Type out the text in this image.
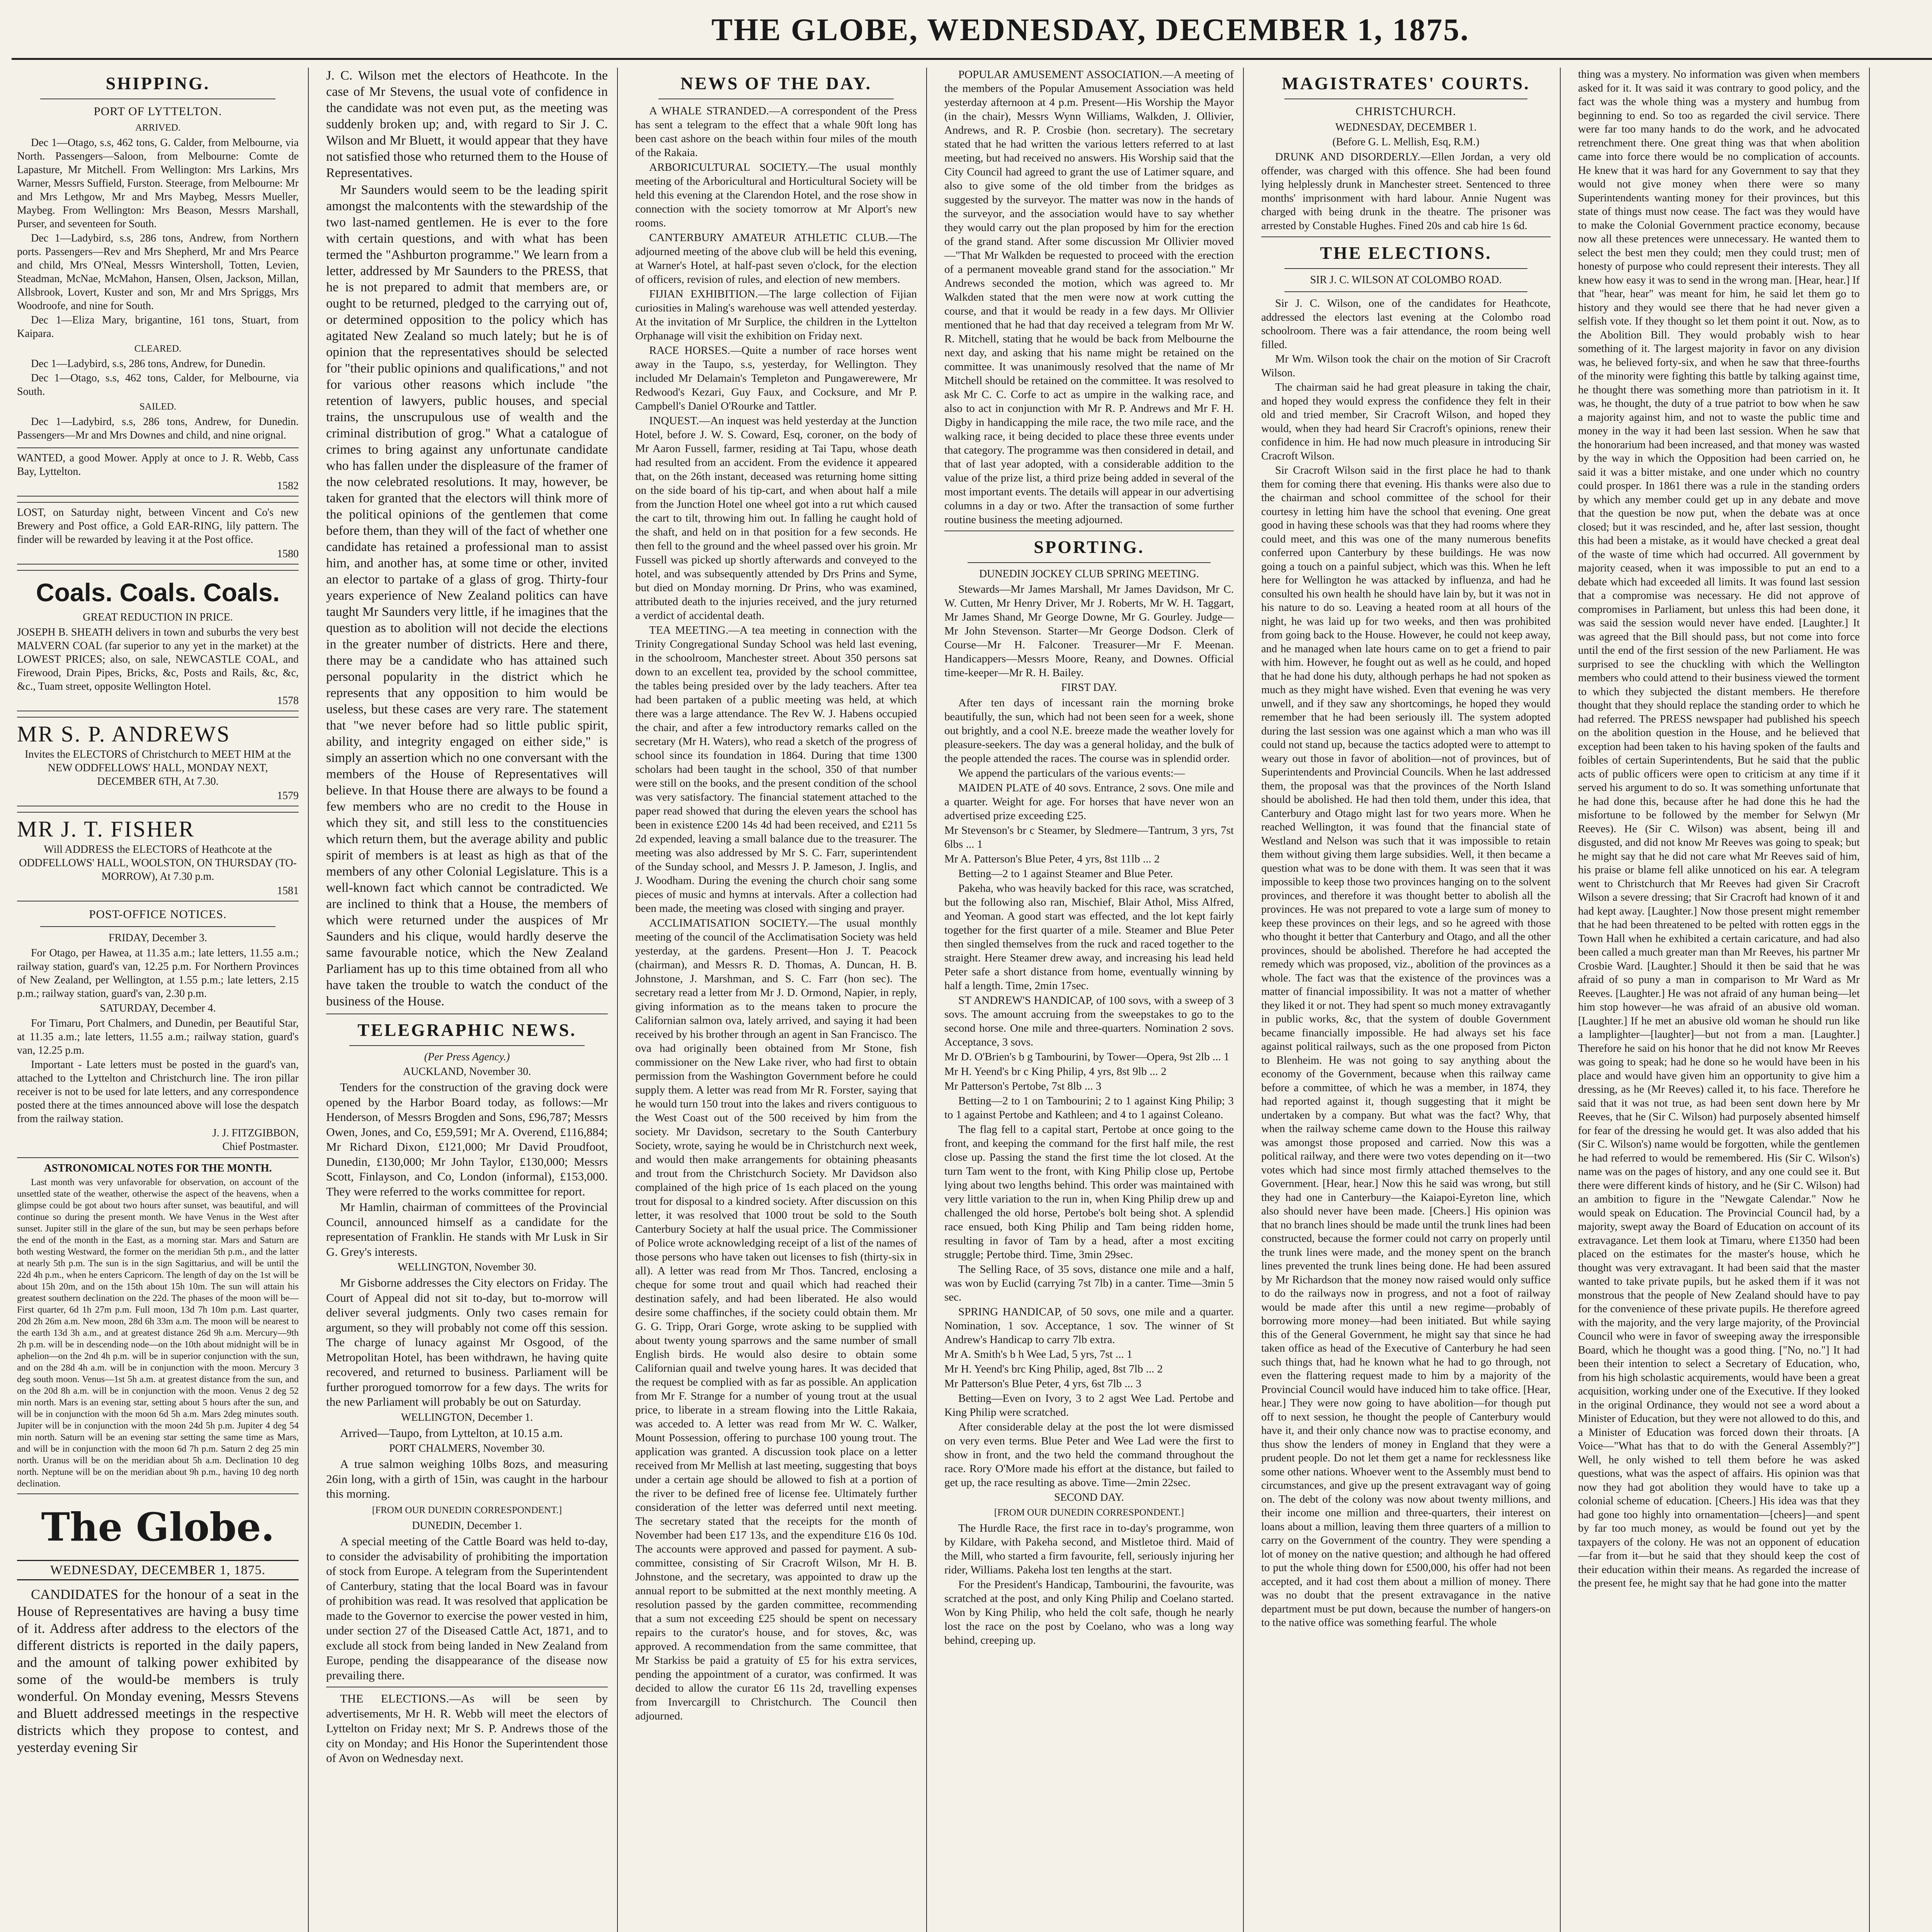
THE GLOBE, WEDNESDAY, DECEMBER 1, 1875.
SHIPPING.
PORT OF LYTTELTON.
ARRIVED.

Dec 1—Otago, s.s, 462 tons, G. Calder, from Melbourne, via North. Passengers—Saloon, from Melbourne: Comte de Lapasture, Mr Mitchell. From Wellington: Mrs Larkins, Mrs Warner, Messrs Suffield, Furston. Steerage, from Melbourne: Mr and Mrs Lethgow, Mr and Mrs Maybeg, Messrs Mueller, Maybeg. From Wellington: Mrs Beason, Messrs Marshall, Purser, and seventeen for South.

Dec 1—Ladybird, s.s, 286 tons, Andrew, from Northern ports. Passengers—Rev and Mrs Shepherd, Mr and Mrs Pearce and child, Mrs O'Neal, Messrs Wintersholl, Totten, Levien, Steadman, McNae, McMahon, Hansen, Olsen, Jackson, Millan, Allsbrook, Lovert, Kuster and son, Mr and Mrs Spriggs, Mrs Woodroofe, and nine for South.

Dec 1—Eliza Mary, brigantine, 161 tons, Stuart, from Kaipara.

CLEARED.

Dec 1—Ladybird, s.s, 286 tons, Andrew, for Dunedin.

Dec 1—Otago, s.s, 462 tons, Calder, for Melbourne, via South.

SAILED.

Dec 1—Ladybird, s.s, 286 tons, Andrew, for Dunedin. Passengers—Mr and Mrs Downes and child, and nine orignal.

WANTED, a good Mower. Apply at once to J. R. Webb, Cass Bay, Lyttelton.

1582

LOST, on Saturday night, between Vincent and Co's new Brewery and Post office, a Gold EAR-RING, lily pattern. The finder will be rewarded by leaving it at the Post office.

1580
Coals. Coals. Coals.
GREAT REDUCTION IN PRICE.

JOSEPH B. SHEATH delivers in town and suburbs the very best MALVERN COAL (far superior to any yet in the market) at the LOWEST PRICES; also, on sale, NEWCASTLE COAL, and Firewood, Drain Pipes, Bricks, &c, Posts and Rails, &c, &c, &c., Tuam street, opposite Wellington Hotel.

1578
MR S. P. ANDREWS

Invites the ELECTORS of Christchurch to MEET HIM at the NEW ODDFELLOWS' HALL, MONDAY NEXT, DECEMBER 6TH, At 7.30.

1579
MR J. T. FISHER

Will ADDRESS the ELECTORS of Heathcote at the ODDFELLOWS' HALL, WOOLSTON, ON THURSDAY (TO-MORROW), At 7.30 p.m.

1581
POST-OFFICE NOTICES.
FRIDAY, December 3.

For Otago, per Hawea, at 11.35 a.m.; late letters, 11.55 a.m.; railway station, guard's van, 12.25 p.m. For Northern Provinces of New Zealand, per Wellington, at 1.55 p.m.; late letters, 2.15 p.m.; railway station, guard's van, 2.30 p.m.

SATURDAY, December 4.

For Timaru, Port Chalmers, and Dunedin, per Beautiful Star, at 11.35 a.m.; late letters, 11.55 a.m.; railway station, guard's van, 12.25 p.m.

Important - Late letters must be posted in the guard's van, attached to the Lyttelton and Christchurch line. The iron pillar receiver is not to be used for late letters, and any correspondence posted there at the times announced above will lose the despatch from the railway station.

J. J. FITZGIBBON,
Chief Postmaster.
ASTRONOMICAL NOTES FOR THE MONTH.

Last month was very unfavorable for observation, on account of the unsettled state of the weather, otherwise the aspect of the heavens, when a glimpse could be got about two hours after sunset, was beautiful, and will continue so during the present month. We have Venus in the West after sunset. Jupiter still in the glare of the sun, but may be seen perhaps before the end of the month in the East, as a morning star. Mars and Saturn are both westing Westward, the former on the meridian 5th p.m., and the latter at nearly 5th p.m. The sun is in the sign Sagittarius, and will be until the 22d 4h p.m., when he enters Capricorn. The length of day on the 1st will be about 15h 20m, and on the 15th about 15h 10m. The sun will attain his greatest southern declination on the 22d. The phases of the moon will be—First quarter, 6d 1h 27m p.m. Full moon, 13d 7h 10m p.m. Last quarter, 20d 2h 26m a.m. New moon, 28d 6h 33m a.m. The moon will be nearest to the earth 13d 3h a.m., and at greatest distance 26d 9h a.m. Mercury—9th 2h p.m. will be in descending node—on the 10th about midnight will be in aphelion—on the 2nd 4h p.m. will be in superior conjunction with the sun, and on the 28d 4h a.m. will be in conjunction with the moon. Mercury 3 deg south moon. Venus—1st 5h a.m. at greatest distance from the sun, and on the 20d 8h a.m. will be in conjunction with the moon. Venus 2 deg 52 min north. Mars is an evening star, setting about 5 hours after the sun, and will be in conjunction with the moon 6d 5h a.m. Mars 2deg minutes south. Jupiter will be in conjunction with the moon 24d 5h p.m. Jupiter 4 deg 54 min north. Saturn will be an evening star setting the same time as Mars, and will be in conjunction with the moon 6d 7h p.m. Saturn 2 deg 25 min north. Uranus will be on the meridian about 5h a.m. Declination 10 deg north. Neptune will be on the meridian about 9h p.m., having 10 deg north declination.

The Globe.
WEDNESDAY, DECEMBER 1, 1875.

CANDIDATES for the honour of a seat in the House of Representatives are having a busy time of it. Address after address to the electors of the different districts is reported in the daily papers, and the amount of talking power exhibited by some of the would-be members is truly wonderful. On Monday evening, Messrs Stevens and Bluett addressed meetings in the respective districts which they propose to contest, and yesterday evening Sir

J. C. Wilson met the electors of Heathcote. In the case of Mr Stevens, the usual vote of confidence in the candidate was not even put, as the meeting was suddenly broken up; and, with regard to Sir J. C. Wilson and Mr Bluett, it would appear that they have not satisfied those who returned them to the House of Representatives.

Mr Saunders would seem to be the leading spirit amongst the malcontents with the stewardship of the two last-named gentlemen. He is ever to the fore with certain questions, and with what has been termed the "Ashburton programme." We learn from a letter, addressed by Mr Saunders to the PRESS, that he is not prepared to admit that members are, or ought to be returned, pledged to the carrying out of, or determined opposition to the policy which has agitated New Zealand so much lately; but he is of opinion that the representatives should be selected for "their public opinions and qualifications," and not for various other reasons which include "the retention of lawyers, public houses, and special trains, the unscrupulous use of wealth and the criminal distribution of grog." What a catalogue of crimes to bring against any unfortunate candidate who has fallen under the displeasure of the framer of the now celebrated resolutions. It may, however, be taken for granted that the electors will think more of the political opinions of the gentlemen that come before them, than they will of the fact of whether one candidate has retained a professional man to assist him, and another has, at some time or other, invited an elector to partake of a glass of grog. Thirty-four years experience of New Zealand politics can have taught Mr Saunders very little, if he imagines that the question as to abolition will not decide the elections in the greater number of districts. Here and there, there may be a candidate who has attained such personal popularity in the district which he represents that any opposition to him would be useless, but these cases are very rare. The statement that "we never before had so little public spirit, ability, and integrity engaged on either side," is simply an assertion which no one conversant with the members of the House of Representatives will believe. In that House there are always to be found a few members who are no credit to the House in which they sit, and still less to the constituencies which return them, but the average ability and public spirit of members is at least as high as that of the members of any other Colonial Legislature. This is a well-known fact which cannot be contradicted. We are inclined to think that a House, the members of which were returned under the auspices of Mr Saunders and his clique, would hardly deserve the same favourable notice, which the New Zealand Parliament has up to this time obtained from all who have taken the trouble to watch the conduct of the business of the House.

TELEGRAPHIC NEWS.
(Per Press Agency.)
AUCKLAND, November 30.

Tenders for the construction of the graving dock were opened by the Harbor Board today, as follows:—Mr Henderson, of Messrs Brogden and Sons, £96,787; Messrs Owen, Jones, and Co, £59,591; Mr A. Overend, £116,884; Mr Richard Dixon, £121,000; Mr David Proudfoot, Dunedin, £130,000; Mr John Taylor, £130,000; Messrs Scott, Finlayson, and Co, London (informal), £153,000. They were referred to the works committee for report.

Mr Hamlin, chairman of committees of the Provincial Council, announced himself as a candidate for the representation of Franklin. He stands with Mr Lusk in Sir G. Grey's interests.

WELLINGTON, November 30.

Mr Gisborne addresses the City electors on Friday. The Court of Appeal did not sit to-day, but to-morrow will deliver several judgments. Only two cases remain for argument, so they will probably not come off this session. The charge of lunacy against Mr Osgood, of the Metropolitan Hotel, has been withdrawn, he having quite recovered, and returned to business. Parliament will be further prorogued tomorrow for a few days. The writs for the new Parliament will probably be out on Saturday.

WELLINGTON, December 1.

Arrived—Taupo, from Lyttelton, at 10.15 a.m.

PORT CHALMERS, November 30.

A true salmon weighing 10lbs 8ozs, and measuring 26in long, with a girth of 15in, was caught in the harbour this morning.

[FROM OUR DUNEDIN CORRESPONDENT.]
DUNEDIN, December 1.

A special meeting of the Cattle Board was held to-day, to consider the advisability of prohibiting the importation of stock from Europe. A telegram from the Superintendent of Canterbury, stating that the local Board was in favour of prohibition was read. It was resolved that application be made to the Governor to exercise the power vested in him, under section 27 of the Diseased Cattle Act, 1871, and to exclude all stock from being landed in New Zealand from Europe, pending the disappearance of the disease now prevailing there.

THE ELECTIONS.—As will be seen by advertisements, Mr H. R. Webb will meet the electors of Lyttelton on Friday next; Mr S. P. Andrews those of the city on Monday; and His Honor the Superintendent those of Avon on Wednesday next.

NEWS OF THE DAY.

A WHALE STRANDED.—A correspondent of the Press has sent a telegram to the effect that a whale 90ft long has been cast ashore on the beach within four miles of the mouth of the Rakaia.

ARBORICULTURAL SOCIETY.—The usual monthly meeting of the Arboricultural and Horticultural Society will be held this evening at the Clarendon Hotel, and the rose show in connection with the society tomorrow at Mr Alport's new rooms.

CANTERBURY AMATEUR ATHLETIC CLUB.—The adjourned meeting of the above club will be held this evening, at Warner's Hotel, at half-past seven o'clock, for the election of officers, revision of rules, and election of new members.

FIJIAN EXHIBITION.—The large collection of Fijian curiosities in Maling's warehouse was well attended yesterday. At the invitation of Mr Surplice, the children in the Lyttelton Orphanage will visit the exhibition on Friday next.

RACE HORSES.—Quite a number of race horses went away in the Taupo, s.s, yesterday, for Wellington. They included Mr Delamain's Templeton and Pungawerewere, Mr Redwood's Kezari, Guy Faux, and Cocksure, and Mr P. Campbell's Daniel O'Rourke and Tattler.

INQUEST.—An inquest was held yesterday at the Junction Hotel, before J. W. S. Coward, Esq, coroner, on the body of Mr Aaron Fussell, farmer, residing at Tai Tapu, whose death had resulted from an accident. From the evidence it appeared that, on the 26th instant, deceased was returning home sitting on the side board of his tip-cart, and when about half a mile from the Junction Hotel one wheel got into a rut which caused the cart to tilt, throwing him out. In falling he caught hold of the shaft, and held on in that position for a few seconds. He then fell to the ground and the wheel passed over his groin. Mr Fussell was picked up shortly afterwards and conveyed to the hotel, and was subsequently attended by Drs Prins and Syme, but died on Monday morning. Dr Prins, who was examined, attributed death to the injuries received, and the jury returned a verdict of accidental death.

TEA MEETING.—A tea meeting in connection with the Trinity Congregational Sunday School was held last evening, in the schoolroom, Manchester street. About 350 persons sat down to an excellent tea, provided by the school committee, the tables being presided over by the lady teachers. After tea had been partaken of a public meeting was held, at which there was a large attendance. The Rev W. J. Habens occupied the chair, and after a few introductory remarks called on the secretary (Mr H. Waters), who read a sketch of the progress of school since its foundation in 1864. During that time 1300 scholars had been taught in the school, 350 of that number were still on the books, and the present condition of the school was very satisfactory. The financial statement attached to the paper read showed that during the eleven years the school has been in existence £200 14s 4d had been received, and £211 5s 2d expended, leaving a small balance due to the treasurer. The meeting was also addressed by Mr S. C. Farr, superintendent of the Sunday school, and Messrs J. P. Jameson, J. Inglis, and J. Woodham. During the evening the church choir sang some pieces of music and hymns at intervals. After a collection had been made, the meeting was closed with singing and prayer.

ACCLIMATISATION SOCIETY.—The usual monthly meeting of the council of the Acclimatisation Society was held yesterday, at the gardens. Present—Hon J. T. Peacock (chairman), and Messrs R. D. Thomas, A. Duncan, H. B. Johnstone, J. Marshman, and S. C. Farr (hon sec). The secretary read a letter from Mr J. D. Ormond, Napier, in reply, giving information as to the means taken to procure the Californian salmon ova, lately arrived, and saying it had been received by his brother through an agent in San Francisco. The ova had originally been obtained from Mr Stone, fish commissioner on the New Lake river, who had first to obtain permission from the Washington Government before he could supply them. A letter was read from Mr R. Forster, saying that he would turn 150 trout into the lakes and rivers contiguous to the West Coast out of the 500 received by him from the society. Mr Davidson, secretary to the South Canterbury Society, wrote, saying he would be in Christchurch next week, and would then make arrangements for obtaining pheasants and trout from the Christchurch Society. Mr Davidson also complained of the high price of 1s each placed on the young trout for disposal to a kindred society. After discussion on this letter, it was resolved that 1000 trout be sold to the South Canterbury Society at half the usual price. The Commissioner of Police wrote acknowledging receipt of a list of the names of those persons who have taken out licenses to fish (thirty-six in all). A letter was read from Mr Thos. Tancred, enclosing a cheque for some trout and quail which had reached their destination safely, and had been liberated. He also would desire some chaffinches, if the society could obtain them. Mr G. G. Tripp, Orari Gorge, wrote asking to be supplied with about twenty young sparrows and the same number of small English birds. He would also desire to obtain some Californian quail and twelve young hares. It was decided that the request be complied with as far as possible. An application from Mr F. Strange for a number of young trout at the usual price, to liberate in a stream flowing into the Little Rakaia, was acceded to. A letter was read from Mr W. C. Walker, Mount Possession, offering to purchase 100 young trout. The application was granted. A discussion took place on a letter received from Mr Mellish at last meeting, suggesting that boys under a certain age should be allowed to fish at a portion of the river to be defined free of license fee. Ultimately further consideration of the letter was deferred until next meeting. The secretary stated that the receipts for the month of November had been £17 13s, and the expenditure £16 0s 10d. The accounts were approved and passed for payment. A sub-committee, consisting of Sir Cracroft Wilson, Mr H. B. Johnstone, and the secretary, was appointed to draw up the annual report to be submitted at the next monthly meeting. A resolution passed by the garden committee, recommending that a sum not exceeding £25 should be spent on necessary repairs to the curator's house, and for stoves, &c, was approved. A recommendation from the same committee, that Mr Starkiss be paid a gratuity of £5 for his extra services, pending the appointment of a curator, was confirmed. It was decided to allow the curator £6 11s 2d, travelling expenses from Invercargill to Christchurch. The Council then adjourned.

POPULAR AMUSEMENT ASSOCIATION.—A meeting of the members of the Popular Amusement Association was held yesterday afternoon at 4 p.m. Present—His Worship the Mayor (in the chair), Messrs Wynn Williams, Walkden, J. Ollivier, Andrews, and R. P. Crosbie (hon. secretary). The secretary stated that he had written the various letters referred to at last meeting, but had received no answers. His Worship said that the City Council had agreed to grant the use of Latimer square, and also to give some of the old timber from the bridges as suggested by the surveyor. The matter was now in the hands of the surveyor, and the association would have to say whether they would carry out the plan proposed by him for the erection of the grand stand. After some discussion Mr Ollivier moved—"That Mr Walkden be requested to proceed with the erection of a permanent moveable grand stand for the association." Mr Andrews seconded the motion, which was agreed to. Mr Walkden stated that the men were now at work cutting the course, and that it would be ready in a few days. Mr Ollivier mentioned that he had that day received a telegram from Mr W. R. Mitchell, stating that he would be back from Melbourne the next day, and asking that his name might be retained on the committee. It was unanimously resolved that the name of Mr Mitchell should be retained on the committee. It was resolved to ask Mr C. C. Corfe to act as umpire in the walking race, and also to act in conjunction with Mr R. P. Andrews and Mr F. H. Digby in handicapping the mile race, the two mile race, and the walking race, it being decided to place these three events under that category. The programme was then considered in detail, and that of last year adopted, with a considerable addition to the value of the prize list, a third prize being added in several of the most important events. The details will appear in our advertising columns in a day or two. After the transaction of some further routine business the meeting adjourned.

SPORTING.
DUNEDIN JOCKEY CLUB SPRING MEETING.

Stewards—Mr James Marshall, Mr James Davidson, Mr C. W. Cutten, Mr Henry Driver, Mr J. Roberts, Mr W. H. Taggart, Mr James Shand, Mr George Downe, Mr G. Gourley. Judge—Mr John Stevenson. Starter—Mr George Dodson. Clerk of Course—Mr H. Falconer. Treasurer—Mr F. Meenan. Handicappers—Messrs Moore, Reany, and Downes. Official time-keeper—Mr R. H. Bailey.

FIRST DAY.

After ten days of incessant rain the morning broke beautifully, the sun, which had not been seen for a week, shone out brightly, and a cool N.E. breeze made the weather lovely for pleasure-seekers. The day was a general holiday, and the bulk of the people attended the races. The course was in splendid order.

We append the particulars of the various events:—

MAIDEN PLATE of 40 sovs. Entrance, 2 sovs. One mile and a quarter. Weight for age. For horses that have never won an advertised prize exceeding £25.

Mr Stevenson's br c Steamer, by Sledmere—Tantrum, 3 yrs, 7st 6lbs ... 1

Mr A. Patterson's Blue Peter, 4 yrs, 8st 11lb ... 2

Betting—2 to 1 against Steamer and Blue Peter.

Pakeha, who was heavily backed for this race, was scratched, but the following also ran, Mischief, Blair Athol, Miss Alfred, and Yeoman. A good start was effected, and the lot kept fairly together for the first quarter of a mile. Steamer and Blue Peter then singled themselves from the ruck and raced together to the straight. Here Steamer drew away, and increasing his lead held Peter safe a short distance from home, eventually winning by half a length. Time, 2min 17sec.

ST ANDREW'S HANDICAP, of 100 sovs, with a sweep of 3 sovs. The amount accruing from the sweepstakes to go to the second horse. One mile and three-quarters. Nomination 2 sovs. Acceptance, 3 sovs.

Mr D. O'Brien's b g Tambourini, by Tower—Opera, 9st 2lb ... 1

Mr H. Yeend's br c King Philip, 4 yrs, 8st 9lb ... 2

Mr Patterson's Pertobe, 7st 8lb ... 3

Betting—2 to 1 on Tambourini; 2 to 1 against King Philip; 3 to 1 against Pertobe and Kathleen; and 4 to 1 against Coleano.

The flag fell to a capital start, Pertobe at once going to the front, and keeping the command for the first half mile, the rest close up. Passing the stand the first time the lot closed. At the turn Tam went to the front, with King Philip close up, Pertobe lying about two lengths behind. This order was maintained with very little variation to the run in, when King Philip drew up and challenged the old horse, Pertobe's bolt being shot. A splendid race ensued, both King Philip and Tam being ridden home, resulting in favor of Tam by a head, after a most exciting struggle; Pertobe third. Time, 3min 29sec.

The Selling Race, of 35 sovs, distance one mile and a half, was won by Euclid (carrying 7st 7lb) in a canter. Time—3min 5 sec.

SPRING HANDICAP, of 50 sovs, one mile and a quarter. Nomination, 1 sov. Acceptance, 1 sov. The winner of St Andrew's Handicap to carry 7lb extra.

Mr A. Smith's b h Wee Lad, 5 yrs, 7st ... 1

Mr H. Yeend's brc King Philip, aged, 8st 7lb ... 2

Mr Patterson's Blue Peter, 4 yrs, 6st 7lb ... 3

Betting—Even on Ivory, 3 to 2 agst Wee Lad. Pertobe and King Philip were scratched.

After considerable delay at the post the lot were dismissed on very even terms. Blue Peter and Wee Lad were the first to show in front, and the two held the command throughout the race. Rory O'More made his effort at the distance, but failed to get up, the race resulting as above. Time—2min 22sec.

SECOND DAY.
[FROM OUR DUNEDIN CORRESPONDENT.]

The Hurdle Race, the first race in to-day's programme, won by Kildare, with Pakeha second, and Mistletoe third. Maid of the Mill, who started a firm favourite, fell, seriously injuring her rider, Williams. Pakeha lost ten lengths at the start.

For the President's Handicap, Tambourini, the favourite, was scratched at the post, and only King Philip and Coelano started. Won by King Philip, who held the colt safe, though he nearly lost the race on the post by Coelano, who was a long way behind, creeping up.

MAGISTRATES' COURTS.
CHRISTCHURCH.
WEDNESDAY, DECEMBER 1.
(Before G. L. Mellish, Esq, R.M.)

DRUNK AND DISORDERLY.—Ellen Jordan, a very old offender, was charged with this offence. She had been found lying helplessly drunk in Manchester street. Sentenced to three months' imprisonment with hard labour. Annie Nugent was charged with being drunk in the theatre. The prisoner was arrested by Constable Hughes. Fined 20s and cab hire 1s 6d.

THE ELECTIONS.
SIR J. C. WILSON AT COLOMBO ROAD.

Sir J. C. Wilson, one of the candidates for Heathcote, addressed the electors last evening at the Colombo road schoolroom. There was a fair attendance, the room being well filled.

Mr Wm. Wilson took the chair on the motion of Sir Cracroft Wilson.

The chairman said he had great pleasure in taking the chair, and hoped they would express the confidence they felt in their old and tried member, Sir Cracroft Wilson, and hoped they would, when they had heard Sir Cracroft's opinions, renew their confidence in him. He had now much pleasure in introducing Sir Cracroft Wilson.

Sir Cracroft Wilson said in the first place he had to thank them for coming there that evening. His thanks were also due to the chairman and school committee of the school for their courtesy in letting him have the school that evening. One great good in having these schools was that they had rooms where they could meet, and this was one of the many numerous benefits conferred upon Canterbury by these buildings. He was now going a touch on a painful subject, which was this. When he left here for Wellington he was attacked by influenza, and had he consulted his own health he should have lain by, but it was not in his nature to do so. Leaving a heated room at all hours of the night, he was laid up for two weeks, and then was prohibited from going back to the House. However, he could not keep away, and he managed when late hours came on to get a friend to pair with him. However, he fought out as well as he could, and hoped that he had done his duty, although perhaps he had not spoken as much as they might have wished. Even that evening he was very unwell, and if they saw any shortcomings, he hoped they would remember that he had been seriously ill. The system adopted during the last session was one against which a man who was ill could not stand up, because the tactics adopted were to attempt to weary out those in favor of abolition—not of provinces, but of Superintendents and Provincial Councils. When he last addressed them, the proposal was that the provinces of the North Island should be abolished. He had then told them, under this idea, that Canterbury and Otago might last for two years more. When he reached Wellington, it was found that the financial state of Westland and Nelson was such that it was impossible to retain them without giving them large subsidies. Well, it then became a question what was to be done with them. It was seen that it was impossible to keep those two provinces hanging on to the solvent provinces, and therefore it was thought better to abolish all the provinces. He was not prepared to vote a large sum of money to keep these provinces on their legs, and so he agreed with those who thought it better that Canterbury and Otago, and all the other provinces, should be abolished. Therefore he had accepted the remedy which was proposed, viz., abolition of the provinces as a whole. The fact was that the existence of the provinces was a matter of financial impossibility. It was not a matter of whether they liked it or not. They had spent so much money extravagantly in public works, &c, that the system of double Government became financially impossible. He had always set his face against political railways, such as the one proposed from Picton to Blenheim. He was not going to say anything about the economy of the Government, because when this railway came before a committee, of which he was a member, in 1874, they had reported against it, though suggesting that it might be undertaken by a company. But what was the fact? Why, that when the railway scheme came down to the House this railway was amongst those proposed and carried. Now this was a political railway, and there were two votes depending on it—two votes which had since most firmly attached themselves to the Government. [Hear, hear.] Now this he said was wrong, but still they had one in Canterbury—the Kaiapoi-Eyreton line, which also should never have been made. [Cheers.] His opinion was that no branch lines should be made until the trunk lines had been constructed, because the former could not carry on properly until the trunk lines were made, and the money spent on the branch lines prevented the trunk lines being done. He had been assured by Mr Richardson that the money now raised would only suffice to do the railways now in progress, and not a foot of railway would be made after this until a new regime—probably of borrowing more money—had been initiated. But while saying this of the General Government, he might say that since he had taken office as head of the Executive of Canterbury he had seen such things that, had he known what he had to go through, not even the flattering request made to him by a majority of the Provincial Council would have induced him to take office. [Hear, hear.] They were now going to have abolition—for though put off to next session, he thought the people of Canterbury would have it, and their only chance now was to practise economy, and thus show the lenders of money in England that they were a prudent people. Do not let them get a name for recklessness like some other nations. Whoever went to the Assembly must bend to circumstances, and give up the present extravagant way of going on. The debt of the colony was now about twenty millions, and their income one million and three-quarters, their interest on loans about a million, leaving them three quarters of a million to carry on the Government of the country. They were spending a lot of money on the native question; and although he had offered to put the whole thing down for £500,000, his offer had not been accepted, and it had cost them about a million of money. There was no doubt that the present extravagance in the native department must be put down, because the number of hangers-on to the native office was something fearful. The whole

thing was a mystery. No information was given when members asked for it. It was said it was contrary to good policy, and the fact was the whole thing was a mystery and humbug from beginning to end. So too as regarded the civil service. There were far too many hands to do the work, and he advocated retrenchment there. One great thing was that when abolition came into force there would be no complication of accounts. He knew that it was hard for any Government to say that they would not give money when there were so many Superintendents wanting money for their provinces, but this state of things must now cease. The fact was they would have to make the Colonial Government practice economy, because now all these pretences were unnecessary. He wanted them to select the best men they could; men they could trust; men of honesty of purpose who could represent their interests. They all knew how easy it was to send in the wrong man. [Hear, hear.] If that "hear, hear" was meant for him, he said let them go to history and they would see there that he had never given a selfish vote. If they thought so let them point it out. Now, as to the Abolition Bill. They would probably wish to hear something of it. The largest majority in favor on any division was, he believed forty-six, and when he saw that three-fourths of the minority were fighting this battle by talking against time, he thought there was something more than patriotism in it. It was, he thought, the duty of a true patriot to bow when he saw a majority against him, and not to waste the public time and money in the way it had been last session. When he saw that the honorarium had been increased, and that money was wasted by the way in which the Opposition had been carried on, he said it was a bitter mistake, and one under which no country could prosper. In 1861 there was a rule in the standing orders by which any member could get up in any debate and move that the question be now put, when the debate was at once closed; but it was rescinded, and he, after last session, thought this had been a mistake, as it would have checked a great deal of the waste of time which had occurred. All government by majority ceased, when it was impossible to put an end to a debate which had exceeded all limits. It was found last session that a compromise was necessary. He did not approve of compromises in Parliament, but unless this had been done, it was said the session would never have ended. [Laughter.] It was agreed that the Bill should pass, but not come into force until the end of the first session of the new Parliament. He was surprised to see the chuckling with which the Wellington members who could attend to their business viewed the torment to which they subjected the distant members. He therefore thought that they should replace the standing order to which he had referred. The PRESS newspaper had published his speech on the abolition question in the House, and he believed that exception had been taken to his having spoken of the faults and foibles of certain Superintendents, But he said that the public acts of public officers were open to criticism at any time if it served his argument to do so. It was something unfortunate that he had done this, because after he had done this he had the misfortune to be followed by the member for Selwyn (Mr Reeves). He (Sir C. Wilson) was absent, being ill and disgusted, and did not know Mr Reeves was going to speak; but he might say that he did not care what Mr Reeves said of him, his praise or blame fell alike unnoticed on his ear. A telegram went to Christchurch that Mr Reeves had given Sir Cracroft Wilson a severe dressing; that Sir Cracroft had known of it and had kept away. [Laughter.] Now those present might remember that he had been threatened to be pelted with rotten eggs in the Town Hall when he exhibited a certain caricature, and had also been called a much greater man than Mr Reeves, his partner Mr Crosbie Ward. [Laughter.] Should it then be said that he was afraid of so puny a man in comparison to Mr Ward as Mr Reeves. [Laughter.] He was not afraid of any human being—let him stop however—he was afraid of an abusive old woman. [Laughter.] If he met an abusive old woman he should run like a lamplighter—[laughter]—but not from a man. [Laughter.] Therefore he said on his honor that he did not know Mr Reeves was going to speak; had he done so he would have been in his place and would have given him an opportunity to give him a dressing, as he (Mr Reeves) called it, to his face. Therefore he said that it was not true, as had been sent down here by Mr Reeves, that he (Sir C. Wilson) had purposely absented himself for fear of the dressing he would get. It was also added that his (Sir C. Wilson's) name would be forgotten, while the gentlemen he had referred to would be remembered. His (Sir C. Wilson's) name was on the pages of history, and any one could see it. But there were different kinds of history, and he (Sir C. Wilson) had an ambition to figure in the "Newgate Calendar." Now he would speak on Education. The Provincial Council had, by a majority, swept away the Board of Education on account of its extravagance. Let them look at Timaru, where £1350 had been placed on the estimates for the master's house, which he thought was very extravagant. It had been said that the master wanted to take private pupils, but he asked them if it was not monstrous that the people of New Zealand should have to pay for the convenience of these private pupils. He therefore agreed with the majority, and the very large majority, of the Provincial Council who were in favor of sweeping away the irresponsible Board, which he thought was a good thing. ["No, no."] It had been their intention to select a Secretary of Education, who, from his high scholastic acquirements, would have been a great acquisition, working under one of the Executive. If they looked in the original Ordinance, they would not see a word about a Minister of Education, but they were not allowed to do this, and a Minister of Education was forced down their throats. [A Voice—"What has that to do with the General Assembly?"] Well, he only wished to tell them before he was asked questions, what was the aspect of affairs. His opinion was that now they had got abolition they would have to take up a colonial scheme of education. [Cheers.] His idea was that they had gone too highly into ornamentation—[cheers]—and spent by far too much money, as would be found out yet by the taxpayers of the colony. He was not an opponent of education—far from it—but he said that they should keep the cost of their education within their means. As regarded the increase of the present fee, he might say that he had gone into the matter
